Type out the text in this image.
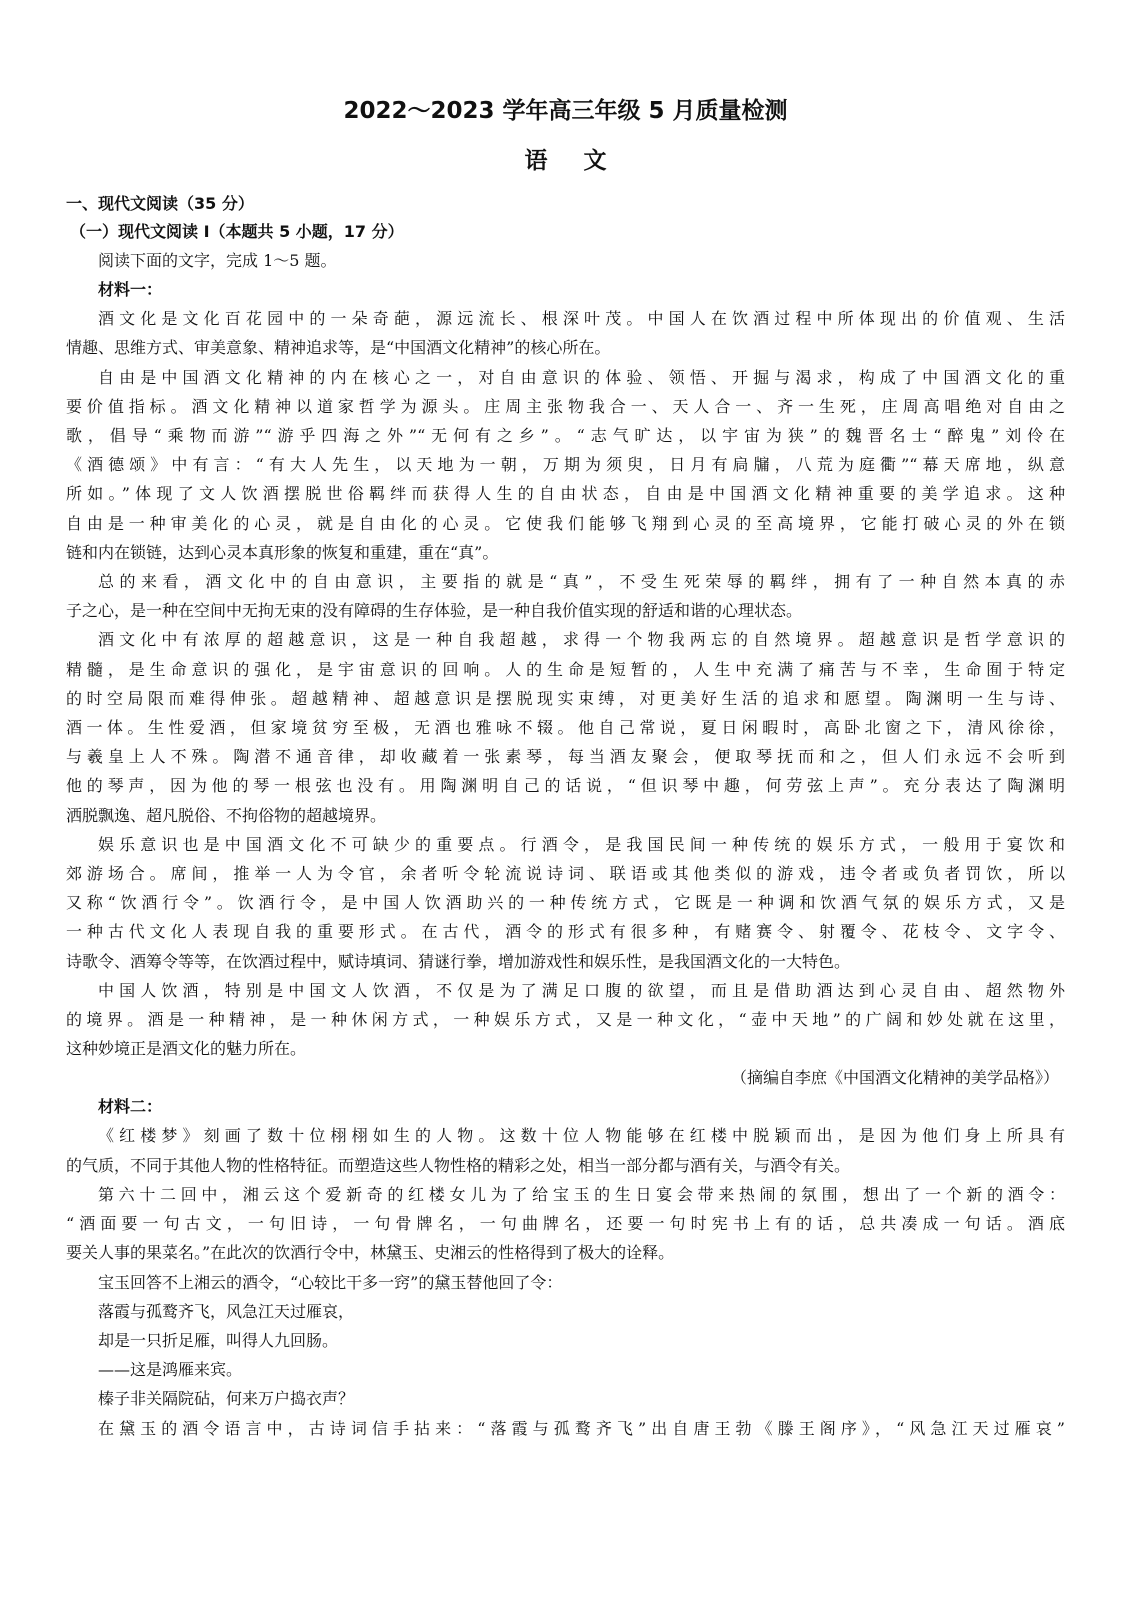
2022～2023 学年高三年级 5 月质量检测
语文

一、现代文阅读（35 分）

（一）现代文阅读 I（本题共 5 小题，17 分）

阅读下面的文字，完成 1～5 题。

材料一：

酒文化是文化百花园中的一朵奇葩，源远流长、根深叶茂。中国人在饮酒过程中所体现出的价值观、生活

情趣、思维方式、审美意象、精神追求等，是“中国酒文化精神”的核心所在。

自由是中国酒文化精神的内在核心之一，对自由意识的体验、领悟、开掘与渴求，构成了中国酒文化的重

要价值指标。酒文化精神以道家哲学为源头。庄周主张物我合一、天人合一、齐一生死，庄周高唱绝对自由之

歌，倡导“乘物而游”“游乎四海之外”“无何有之乡”。“志气旷达，以宇宙为狭”的魏晋名士“醉鬼”刘伶在

《酒德颂》中有言：“有大人先生，以天地为一朝，万期为须臾，日月有扃牖，八荒为庭衢”“幕天席地，纵意

所如。”体现了文人饮酒摆脱世俗羁绊而获得人生的自由状态，自由是中国酒文化精神重要的美学追求。这种

自由是一种审美化的心灵，就是自由化的心灵。它使我们能够飞翔到心灵的至高境界，它能打破心灵的外在锁

链和内在锁链，达到心灵本真形象的恢复和重建，重在“真”。

总的来看，酒文化中的自由意识，主要指的就是“真”，不受生死荣辱的羁绊，拥有了一种自然本真的赤

子之心，是一种在空间中无拘无束的没有障碍的生存体验，是一种自我价值实现的舒适和谐的心理状态。

酒文化中有浓厚的超越意识，这是一种自我超越，求得一个物我两忘的自然境界。超越意识是哲学意识的

精髓，是生命意识的强化，是宇宙意识的回响。人的生命是短暂的，人生中充满了痛苦与不幸，生命囿于特定

的时空局限而难得伸张。超越精神、超越意识是摆脱现实束缚，对更美好生活的追求和愿望。陶渊明一生与诗、

酒一体。生性爱酒，但家境贫穷至极，无酒也雅咏不辍。他自己常说，夏日闲暇时，高卧北窗之下，清风徐徐，

与羲皇上人不殊。陶潜不通音律，却收藏着一张素琴，每当酒友聚会，便取琴抚而和之，但人们永远不会听到

他的琴声，因为他的琴一根弦也没有。用陶渊明自己的话说，“但识琴中趣，何劳弦上声”。充分表达了陶渊明

洒脱飘逸、超凡脱俗、不拘俗物的超越境界。

娱乐意识也是中国酒文化不可缺少的重要点。行酒令，是我国民间一种传统的娱乐方式，一般用于宴饮和

郊游场合。席间，推举一人为令官，余者听令轮流说诗词、联语或其他类似的游戏，违令者或负者罚饮，所以

又称“饮酒行令”。饮酒行令，是中国人饮酒助兴的一种传统方式，它既是一种调和饮酒气氛的娱乐方式，又是

一种古代文化人表现自我的重要形式。在古代，酒令的形式有很多种，有赌赛令、射覆令、花枝令、文字令、

诗歌令、酒筹令等等，在饮酒过程中，赋诗填词、猜谜行拳，增加游戏性和娱乐性，是我国酒文化的一大特色。

中国人饮酒，特别是中国文人饮酒，不仅是为了满足口腹的欲望，而且是借助酒达到心灵自由、超然物外

的境界。酒是一种精神，是一种休闲方式，一种娱乐方式，又是一种文化，“壶中天地”的广阔和妙处就在这里，

这种妙境正是酒文化的魅力所在。

（摘编自李庶《中国酒文化精神的美学品格》）

材料二：

《红楼梦》刻画了数十位栩栩如生的人物。这数十位人物能够在红楼中脱颖而出，是因为他们身上所具有

的气质，不同于其他人物的性格特征。而塑造这些人物性格的精彩之处，相当一部分都与酒有关，与酒令有关。

第六十二回中，湘云这个爱新奇的红楼女儿为了给宝玉的生日宴会带来热闹的氛围，想出了一个新的酒令：

“酒面要一句古文，一句旧诗，一句骨牌名，一句曲牌名，还要一句时宪书上有的话，总共凑成一句话。酒底

要关人事的果菜名。”在此次的饮酒行令中，林黛玉、史湘云的性格得到了极大的诠释。

宝玉回答不上湘云的酒令，“心较比干多一窍”的黛玉替他回了令：

落霞与孤鹜齐飞，风急江天过雁哀，

却是一只折足雁，叫得人九回肠。

——这是鸿雁来宾。

榛子非关隔院砧，何来万户捣衣声？

在黛玉的酒令语言中，古诗词信手拈来：“落霞与孤鹜齐飞”出自唐王勃《滕王阁序》，“风急江天过雁哀”
